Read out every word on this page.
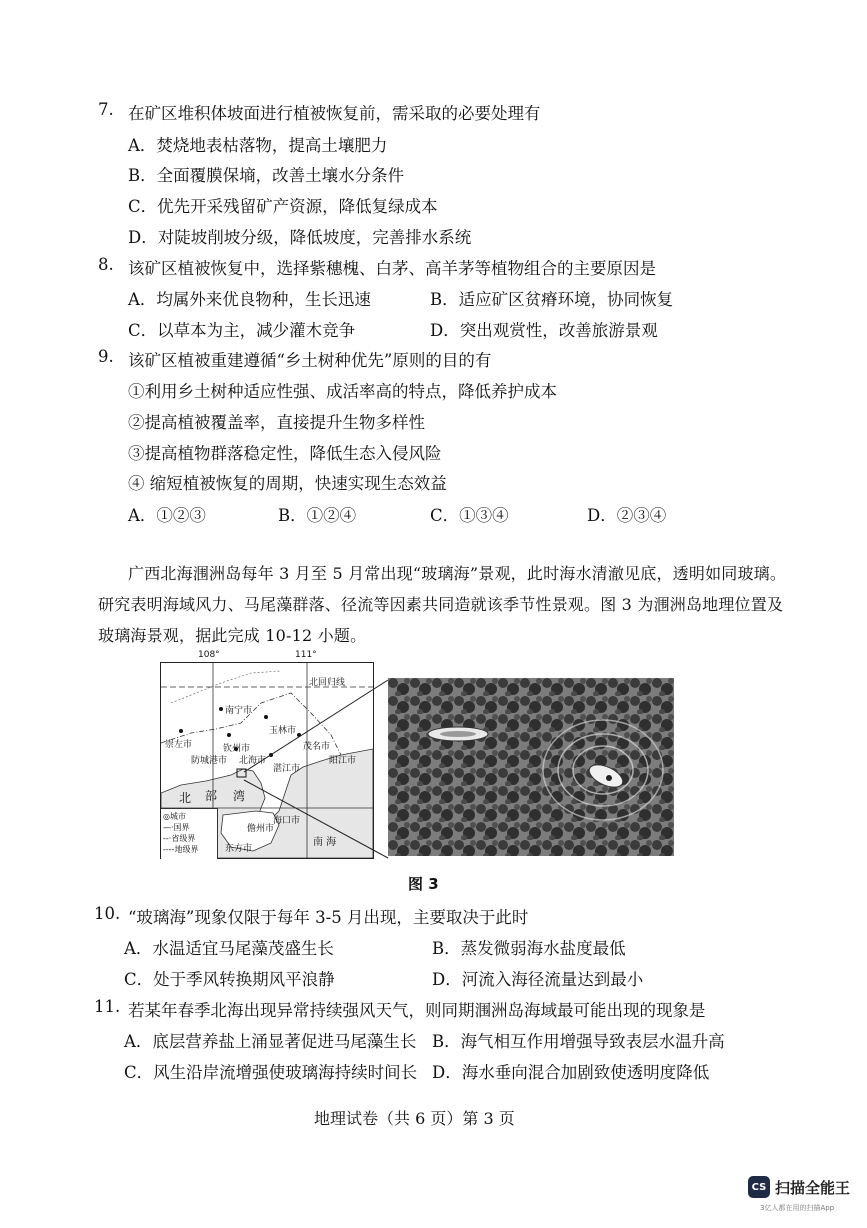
7. 在矿区堆积体坡面进行植被恢复前，需采取的必要处理有
A．焚烧地表枯落物，提高土壤肥力
B．全面覆膜保墒，改善土壤水分条件
C．优先开采残留矿产资源，降低复绿成本
D．对陡坡削坡分级，降低坡度，完善排水系统
8. 该矿区植被恢复中，选择紫穗槐、白茅、高羊茅等植物组合的主要原因是
A．均属外来优良物种，生长迅速	B．适应矿区贫瘠环境，协同恢复
C．以草本为主，减少灌木竞争	D．突出观赏性，改善旅游景观
9. 该矿区植被重建遵循“乡土树种优先”原则的目的有
①利用乡土树种适应性强、成活率高的特点，降低养护成本
②提高植被覆盖率，直接提升生物多样性
③提高植物群落稳定性，降低生态入侵风险
④ 缩短植被恢复的周期，快速实现生态效益
A．①②③	B．①②④	C．①③④	D．②③④
广西北海涠洲岛每年 3 月至 5 月常出现“玻璃海”景观，此时海水清澈见底，透明如同玻璃。
研究表明海域风力、马尾藻群落、径流等因素共同造就该季节性景观。图 3 为涠洲岛地理位置及
玻璃海景观，据此完成 10-12 小题。
108°	111°
北回归线
南宁市
玉林市
崇左市	钦州市
防城港市 北海市
湛江市
茂名市
阳江市
海口市
东方市
儋州市
北 部 湾
南 海
◎城市
—·国界
--·省级界
----地级界
图 3
10. “玻璃海”现象仅限于每年 3-5 月出现，主要取决于此时
A．水温适宜马尾藻茂盛生长	B．蒸发微弱海水盐度最低
C．处于季风转换期风平浪静	D．河流入海径流量达到最小
11. 若某年春季北海出现异常持续强风天气，则同期涠洲岛海域最可能出现的现象是
A．底层营养盐上涌显著促进马尾藻生长 B．海气相互作用增强导致表层水温升高
C．风生沿岸流增强使玻璃海持续时间长 D．海水垂向混合加剧致使透明度降低
地理试卷（共 6 页）第 3 页
CS 扫描全能王
3亿人都在用的扫描App
